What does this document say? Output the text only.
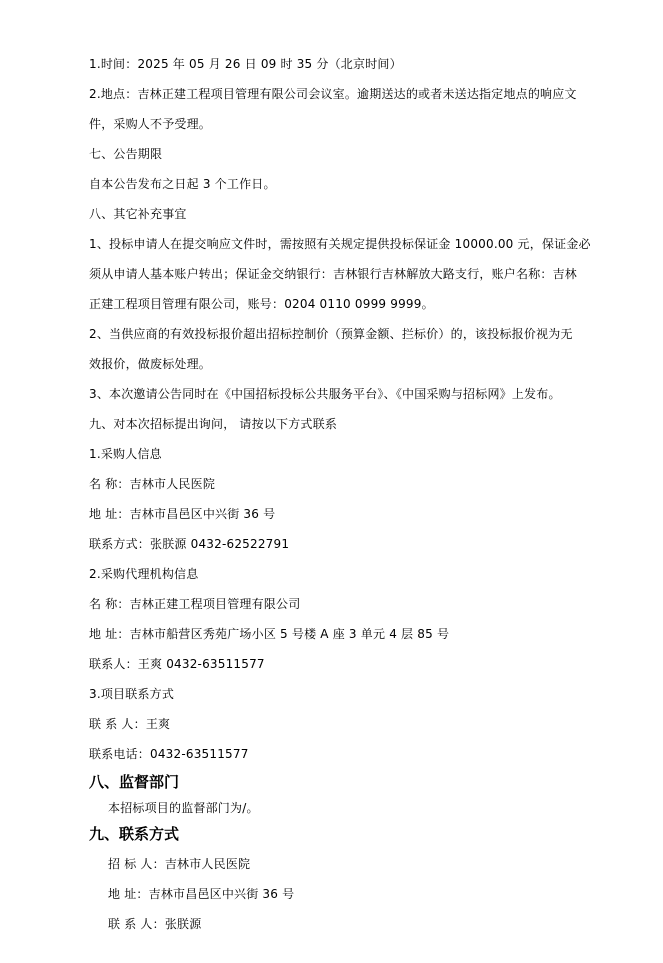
1.时间：2025 年 05 月 26 日 09 时 35 分（北京时间）
2.地点：吉林正建工程项目管理有限公司会议室。逾期送达的或者未送达指定地点的响应文
件，采购人不予受理。
七、公告期限
自本公告发布之日起 3 个工作日。
八、其它补充事宜
1、投标申请人在提交响应文件时，需按照有关规定提供投标保证金 10000.00 元，保证金必
须从申请人基本账户转出；保证金交纳银行：吉林银行吉林解放大路支行，账户名称：吉林
正建工程项目管理有限公司，账号：0204 0110 0999 9999。
2、当供应商的有效投标报价超出招标控制价（预算金额、拦标价）的，该投标报价视为无
效报价，做废标处理。
3、本次邀请公告同时在《中国招标投标公共服务平台》、《中国采购与招标网》上发布。
九、对本次招标提出询问， 请按以下方式联系
1.采购人信息
名 称：吉林市人民医院
地 址：吉林市昌邑区中兴街 36 号
联系方式：张朕源 0432-62522791
2.采购代理机构信息
名 称：吉林正建工程项目管理有限公司
地 址：吉林市船营区秀苑广场小区 5 号楼 A 座 3 单元 4 层 85 号
联系人：王爽 0432-63511577
3.项目联系方式
联 系 人：王爽
联系电话：0432-63511577
八、监督部门
本招标项目的监督部门为/。
九、联系方式
招 标 人：吉林市人民医院
地 址：吉林市昌邑区中兴街 36 号
联 系 人：张朕源
